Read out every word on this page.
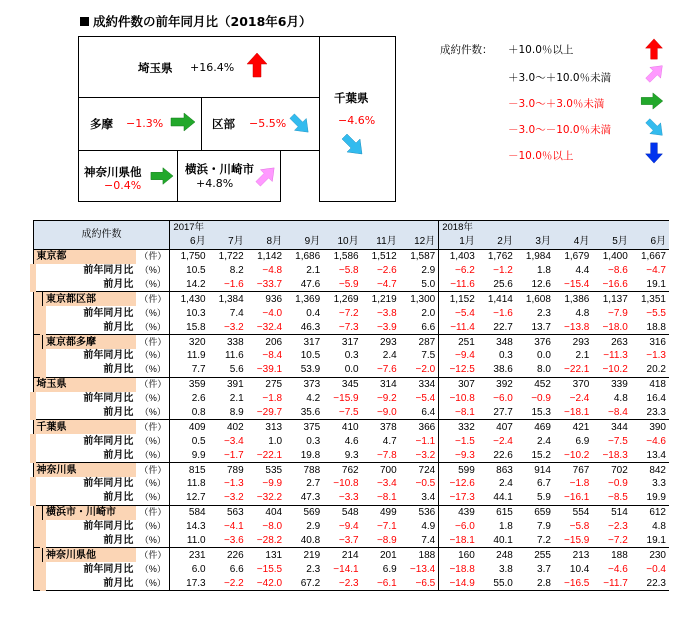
成約件数の前年同月比（2018年6月）
埼玉県 +16.4%
千葉県
−4.6%
多摩 −1.3%	区部 −5.5%
神奈川県他
−0.4%
横浜・川崎市
+4.8%
成約件数： ＋10.0％以上
＋3.0～＋10.0％未満
－3.0～＋3.0％未満
－3.0～－10.0％未満
－10.0％以上
成約件数			2017年							2018年					
			6月	7月	8月	9月	10月	11月	12月	1月	2月	3月	4月	5月	6月
東京都		（件）	1,750	1,722	1,142	1,686	1,586	1,512	1,587	1,403	1,762	1,984	1,679	1,400	1,667
前年同月比		（%）	10.5	8.2	−4.8	2.1	−5.8	−2.6	2.9	−6.2	−1.2	1.8	4.4	−8.6	−4.7
前月比		（%）	14.2	−1.6	−33.7	47.6	−5.9	−4.7	5.0	−11.6	25.6	12.6	−15.4	−16.6	19.1
	東京都区部	（件）	1,430	1,384	936	1,369	1,269	1,219	1,300	1,152	1,414	1,608	1,386	1,137	1,351
	前年同月比	（%）	10.3	7.4	−4.0	0.4	−7.2	−3.8	2.0	−5.4	−1.6	2.3	4.8	−7.9	−5.5
	前月比	（%）	15.8	−3.2	−32.4	46.3	−7.3	−3.9	6.6	−11.4	22.7	13.7	−13.8	−18.0	18.8
	東京都多摩	（件）	320	338	206	317	317	293	287	251	348	376	293	263	316
	前年同月比	（%）	11.9	11.6	−8.4	10.5	0.3	2.4	7.5	−9.4	0.3	0.0	2.1	−11.3	−1.3
	前月比	（%）	7.7	5.6	−39.1	53.9	0.0	−7.6	−2.0	−12.5	38.6	8.0	−22.1	−10.2	20.2
埼玉県		（件）	359	391	275	373	345	314	334	307	392	452	370	339	418
前年同月比		（%）	2.6	2.1	−1.8	4.2	−15.9	−9.2	−5.4	−10.8	−6.0	−0.9	−2.4	4.8	16.4
前月比		（%）	0.8	8.9	−29.7	35.6	−7.5	−9.0	6.4	−8.1	27.7	15.3	−18.1	−8.4	23.3
千葉県		（件）	409	402	313	375	410	378	366	332	407	469	421	344	390
前年同月比		（%）	0.5	−3.4	1.0	0.3	4.6	4.7	−1.1	−1.5	−2.4	2.4	6.9	−7.5	−4.6
前月比		（%）	9.9	−1.7	−22.1	19.8	9.3	−7.8	−3.2	−9.3	22.6	15.2	−10.2	−18.3	13.4
神奈川県		（件）	815	789	535	788	762	700	724	599	863	914	767	702	842
前年同月比		（%）	11.8	−1.3	−9.9	2.7	−10.8	−3.4	−0.5	−12.6	2.4	6.7	−1.8	−0.9	3.3
前月比		（%）	12.7	−3.2	−32.2	47.3	−3.3	−8.1	3.4	−17.3	44.1	5.9	−16.1	−8.5	19.9
	横浜市・川崎市	（件）	584	563	404	569	548	499	536	439	615	659	554	514	612
	前年同月比	（%）	14.3	−4.1	−8.0	2.9	−9.4	−7.1	4.9	−6.0	1.8	7.9	−5.8	−2.3	4.8
	前月比	（%）	11.0	−3.6	−28.2	40.8	−3.7	−8.9	7.4	−18.1	40.1	7.2	−15.9	−7.2	19.1
	神奈川県他	（件）	231	226	131	219	214	201	188	160	248	255	213	188	230
	前年同月比	（%）	6.0	6.6	−15.5	2.3	−14.1	6.9	−13.4	−18.8	3.8	3.7	10.4	−4.6	−0.4
	前月比	（%）	17.3	−2.2	−42.0	67.2	−2.3	−6.1	−6.5	−14.9	55.0	2.8	−16.5	−11.7	22.3
